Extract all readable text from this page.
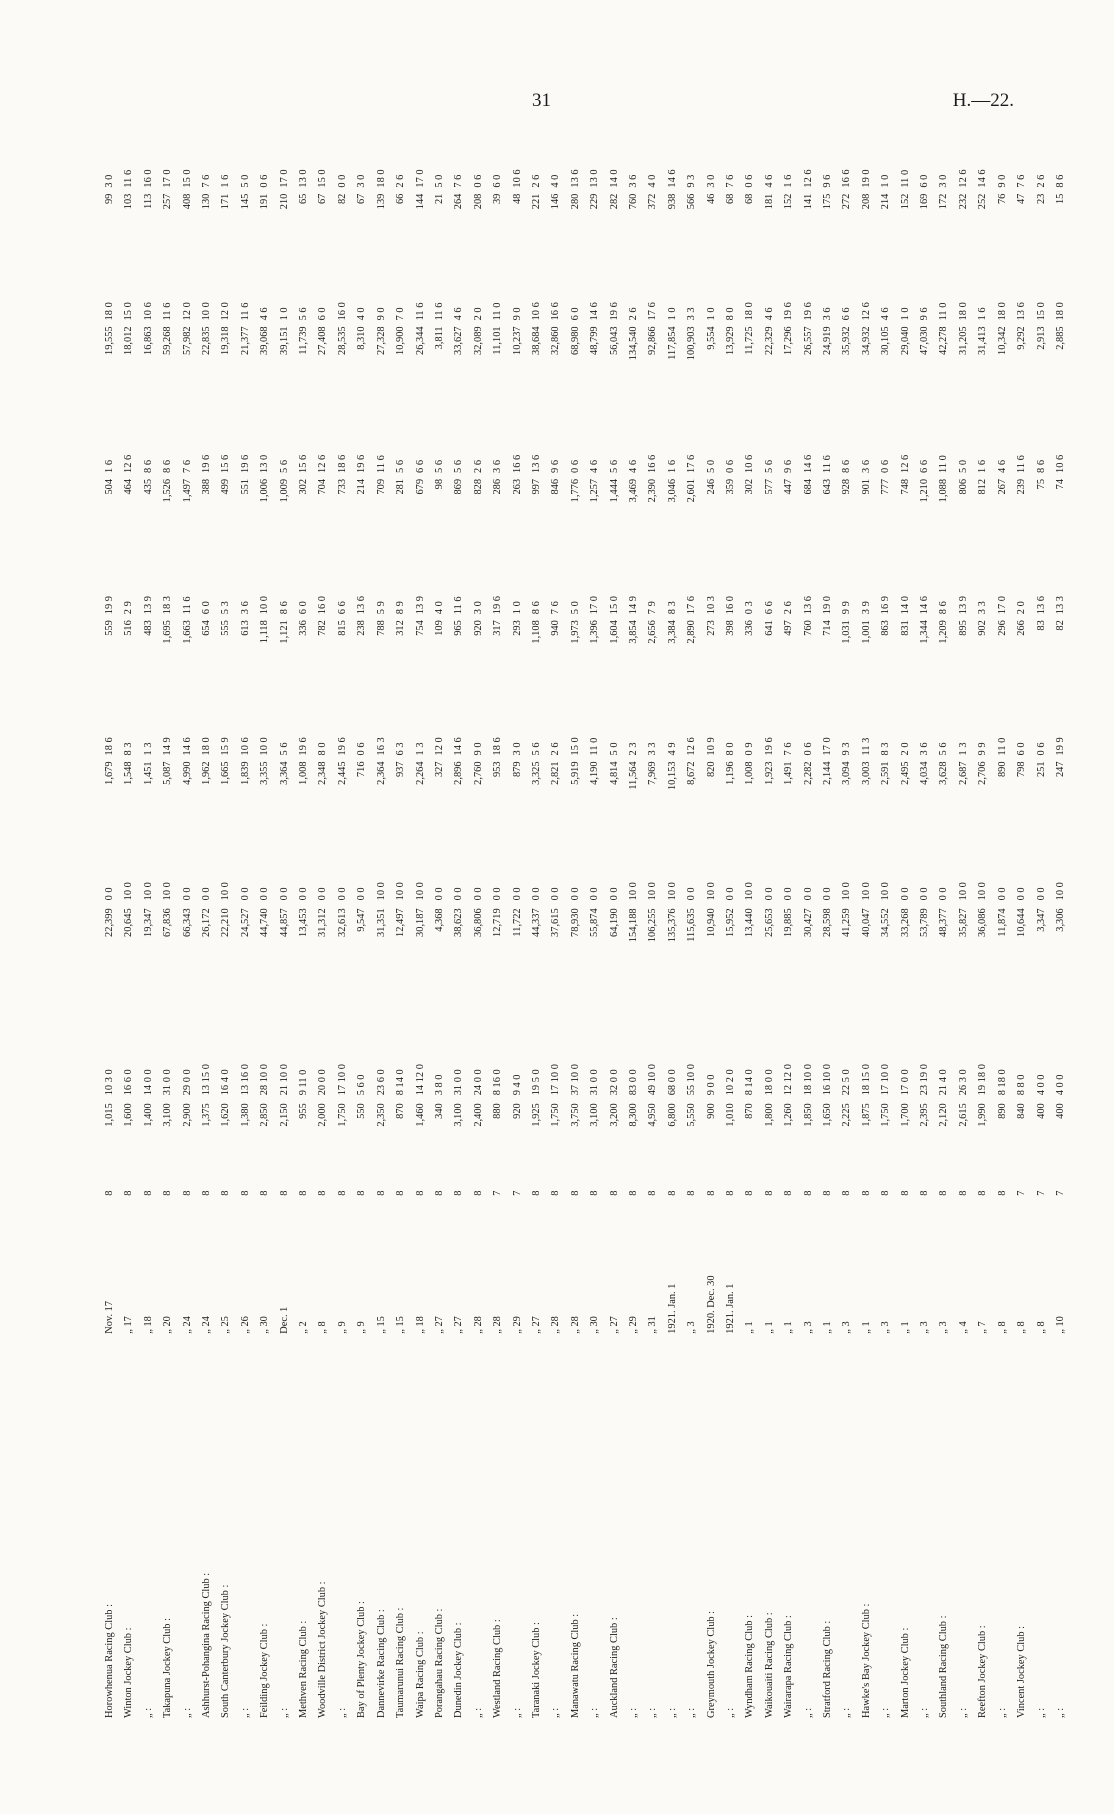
31	H.—22.
Horowhenua Racing Club :	Nov. 17	8	1,015	10 3 0	22,399	0 0	1,679	18 6	559	19 9	504	1 6	19,555	18 0	99	3 0
Winton Jockey Club :	„ 17	8	1,600	16 6 0	20,645	10 0	1,548	8 3	516	2 9	464	12 6	18,012	15 0	103	11 6
„ :	„ 18	8	1,400	14 0 0	19,347	10 0	1,451	1 3	483	13 9	435	8 6	16,863	10 6	113	16 0
Takapuna Jockey Club :	„ 20	8	3,100	31 0 0	67,836	10 0	5,087	14 9	1,695	18 3	1,526	8 6	59,268	11 6	257	17 0
„ :	„ 24	8	2,900	29 0 0	66,343	0 0	4,990	14 6	1,663	11 6	1,497	7 6	57,982	12 0	408	15 0
Ashhurst-Pohangina Racing Club :	„ 24	8	1,375	13 15 0	26,172	0 0	1,962	18 0	654	6 0	388	19 6	22,835	10 0	130	7 6
South Canterbury Jockey Club :	„ 25	8	1,620	16 4 0	22,210	10 0	1,665	15 9	555	5 3	499	15 6	19,318	12 0	171	1 6
„ :	„ 26	8	1,380	13 16 0	24,527	0 0	1,839	10 6	613	3 6	551	19 6	21,377	11 6	145	5 0
Feilding Jockey Club :	„ 30	8	2,850	28 10 0	44,740	0 0	3,355	10 0	1,118	10 0	1,006	13 0	39,068	4 6	191	0 6
„ :	Dec. 1	8	2,150	21 10 0	44,857	0 0	3,364	5 6	1,121	8 6	1,009	5 6	39,151	1 0	210	17 0
Methven Racing Club :	„ 2	8	955	9 11 0	13,453	0 0	1,008	19 6	336	6 0	302	15 6	11,739	5 6	65	13 0
Woodville District Jockey Club :	„ 8	8	2,000	20 0 0	31,312	0 0	2,348	8 0	782	16 0	704	12 6	27,408	6 0	67	15 0
„ :	„ 9	8	1,750	17 10 0	32,613	0 0	2,445	19 6	815	6 6	733	18 6	28,535	16 0	82	0 0
Bay of Plenty Jockey Club :	„ 9	8	550	5 6 0	9,547	0 0	716	0 6	238	13 6	214	19 6	8,310	4 0	67	3 0
Dannevirke Racing Club :	„ 15	8	2,350	23 6 0	31,351	10 0	2,364	16 3	788	5 9	709	11 6	27,328	9 0	139	18 0
Taumarunui Racing Club :	„ 15	8	870	8 14 0	12,497	10 0	937	6 3	312	8 9	281	5 6	10,900	7 0	66	2 6
Waipa Racing Club :	„ 18	8	1,460	14 12 0	30,187	10 0	2,264	1 3	754	13 9	679	6 6	26,344	11 6	144	17 0
Porangahau Racing Club :	„ 27	8	340	3 8 0	4,368	0 0	327	12 0	109	4 0	98	5 6	3,811	11 6	21	5 0
Dunedin Jockey Club :	„ 27	8	3,100	31 0 0	38,623	0 0	2,896	14 6	965	11 6	869	5 6	33,627	4 6	264	7 6
„ :	„ 28	8	2,400	24 0 0	36,806	0 0	2,760	9 0	920	3 0	828	2 6	32,089	2 0	208	0 6
Westland Racing Club :	„ 28	7	880	8 16 0	12,719	0 0	953	18 6	317	19 6	286	3 6	11,101	11 0	39	6 0
„ :	„ 29	7	920	9 4 0	11,722	0 0	879	3 0	293	1 0	263	16 6	10,237	9 0	48	10 6
Taranaki Jockey Club :	„ 27	8	1,925	19 5 0	44,337	0 0	3,325	5 6	1,108	8 6	997	13 6	38,684	10 6	221	2 6
„ :	„ 28	8	1,750	17 10 0	37,615	0 0	2,821	2 6	940	7 6	846	9 6	32,860	16 6	146	4 0
Manawatu Racing Club :	„ 28	8	3,750	37 10 0	78,930	0 0	5,919	15 0	1,973	5 0	1,776	0 6	68,980	6 0	280	13 6
„ :	„ 30	8	3,100	31 0 0	55,874	0 0	4,190	11 0	1,396	17 0	1,257	4 6	48,799	14 6	229	13 0
Auckland Racing Club :	„ 27	8	3,200	32 0 0	64,190	0 0	4,814	5 0	1,604	15 0	1,444	5 6	56,043	19 6	282	14 0
„ :	„ 29	8	8,300	83 0 0	154,188	10 0	11,564	2 3	3,854	14 9	3,469	4 6	134,540	2 6	760	3 6
„ :	„ 31	8	4,950	49 10 0	106,255	10 0	7,969	3 3	2,656	7 9	2,390	16 6	92,866	17 6	372	4 0
„ :	1921. Jan. 1	8	6,800	68 0 0	135,376	10 0	10,153	4 9	3,384	8 3	3,046	1 6	117,854	1 0	938	14 6
„ :	„ 3	8	5,550	55 10 0	115,635	0 0	8,672	12 6	2,890	17 6	2,601	17 6	100,903	3 3	566	9 3
Greymouth Jockey Club :	1920. Dec. 30	8	900	9 0 0	10,940	10 0	820	10 9	273	10 3	246	5 0	9,554	1 0	46	3 0
„ :	1921. Jan. 1	8	1,010	10 2 0	15,952	0 0	1,196	8 0	398	16 0	359	0 6	13,929	8 0	68	7 6
Wyndham Racing Club :	„ 1	8	870	8 14 0	13,440	10 0	1,008	0 9	336	0 3	302	10 6	11,725	18 0	68	0 6
Waikouaiti Racing Club :	„ 1	8	1,800	18 0 0	25,653	0 0	1,923	19 6	641	6 6	577	5 6	22,329	4 6	181	4 6
Wairarapa Racing Club :	„ 1	8	1,260	12 12 0	19,885	0 0	1,491	7 6	497	2 6	447	9 6	17,296	19 6	152	1 6
„ :	„ 3	8	1,850	18 10 0	30,427	0 0	2,282	0 6	760	13 6	684	14 6	26,557	19 6	141	12 6
Stratford Racing Club :	„ 1	8	1,650	16 10 0	28,598	0 0	2,144	17 0	714	19 0	643	11 6	24,919	3 6	175	9 6
„ :	„ 3	8	2,225	22 5 0	41,259	10 0	3,094	9 3	1,031	9 9	928	8 6	35,932	6 6	272	16 6
Hawke's Bay Jockey Club :	„ 1	8	1,875	18 15 0	40,047	10 0	3,003	11 3	1,001	3 9	901	3 6	34,932	12 6	208	19 0
„ :	„ 3	8	1,750	17 10 0	34,552	10 0	2,591	8 3	863	16 9	777	0 6	30,105	4 6	214	1 0
Marton Jockey Club :	„ 1	8	1,700	17 0 0	33,268	0 0	2,495	2 0	831	14 0	748	12 6	29,040	1 0	152	11 0
„ :	„ 3	8	2,395	23 19 0	53,789	0 0	4,034	3 6	1,344	14 6	1,210	6 6	47,030	9 6	169	6 0
Southland Racing Club :	„ 3	8	2,120	21 4 0	48,377	0 0	3,628	5 6	1,209	8 6	1,088	11 0	42,278	11 0	172	3 0
„ :	„ 4	8	2,615	26 3 0	35,827	10 0	2,687	1 3	895	13 9	806	5 0	31,205	18 0	232	12 6
Reefton Jockey Club :	„ 7	8	1,990	19 18 0	36,086	10 0	2,706	9 9	902	3 3	812	1 6	31,413	1 6	252	14 6
„ :	„ 8	8	890	8 18 0	11,874	0 0	890	11 0	296	17 0	267	4 6	10,342	18 0	76	9 0
Vincent Jockey Club :	„ 8	7	840	8 8 0	10,644	0 0	798	6 0	266	2 0	239	11 6	9,292	13 6	47	7 6
„ :	„ 8	7	400	4 0 0	3,347	0 0	251	0 6	83	13 6	75	8 6	2,913	15 0	23	2 6
„ :	„ 10	7	400	4 0 0	3,306	10 0	247	19 9	82	13 3	74	10 6	2,885	18 0	15	8 6
